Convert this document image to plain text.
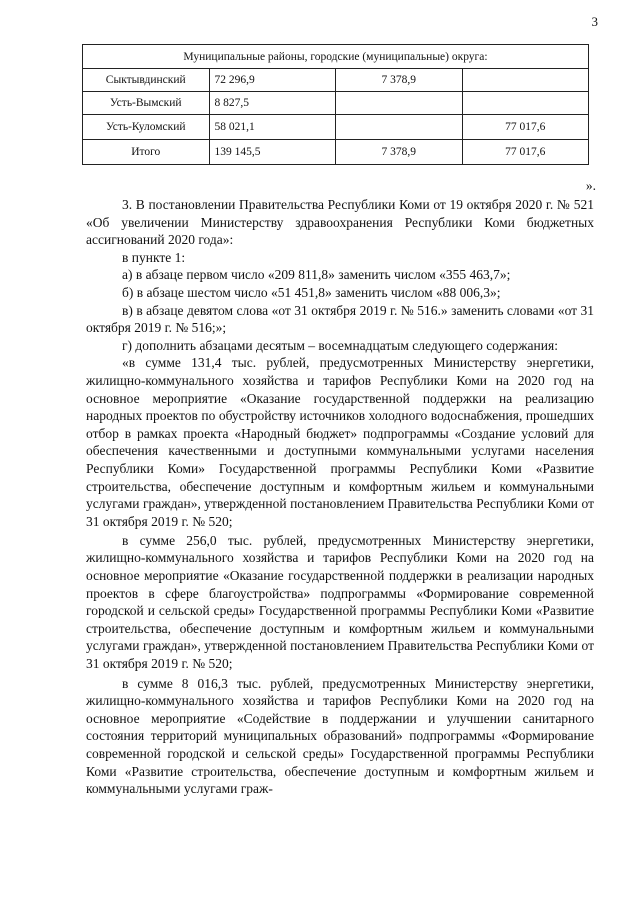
3
Муниципальные районы, городские (муниципальные) округа:			
Сыктывдинский	72 296,9	7 378,9	
Усть-Вымский	8 827,5		
Усть-Куломский	58 021,1		77 017,6
Итого	139 145,5	7 378,9	77 017,6
».

3. В постановлении Правительства Республики Коми от 19 октября 2020 г. № 521 «Об увеличении Министерству здравоохранения Республики Коми бюджетных ассигнований 2020 года»:

в пункте 1:

а) в абзаце первом число «209 811,8» заменить числом «355 463,7»;

б) в абзаце шестом число «51 451,8» заменить числом «88 006,3»;

в) в абзаце девятом слова «от 31 октября 2019 г. № 516.» заменить словами «от 31 октября 2019 г. № 516;»;

г) дополнить абзацами десятым – восемнадцатым следующего содержания:

«в сумме 131,4 тыс. рублей, предусмотренных Министерству энергетики, жилищно-коммунального хозяйства и тарифов Республики Коми на 2020 год на основное мероприятие «Оказание государственной поддержки на реализацию народных проектов по обустройству источников холодного водоснабжения, прошедших отбор в рамках проекта «Народный бюджет» подпрограммы «Создание условий для обеспечения качественными и доступными коммунальными услугами населения Республики Коми» Государственной программы Республики Коми «Развитие строительства, обеспечение доступным и комфортным жильем и коммунальными услугами граждан», утвержденной постановлением Правительства Республики Коми от 31 октября 2019 г. № 520;

в сумме 256,0 тыс. рублей, предусмотренных Министерству энергетики, жилищно-коммунального хозяйства и тарифов Республики Коми на 2020 год на основное мероприятие «Оказание государственной поддержки в реализации народных проектов в сфере благоустройства» подпрограммы «Формирование современной городской и сельской среды» Государственной программы Республики Коми «Развитие строительства, обеспечение доступным и комфортным жильем и коммунальными услугами граждан», утвержденной постановлением Правительства Республики Коми от 31 октября 2019 г. № 520;

в сумме 8 016,3 тыс. рублей, предусмотренных Министерству энергетики, жилищно-коммунального хозяйства и тарифов Республики Коми на 2020 год на основное мероприятие «Содействие в поддержании и улучшении санитарного состояния территорий муниципальных образований» подпрограммы «Формирование современной городской и сельской среды» Государственной программы Республики Коми «Развитие строительства, обеспечение доступным и комфортным жильем и коммунальными услугами граж-
